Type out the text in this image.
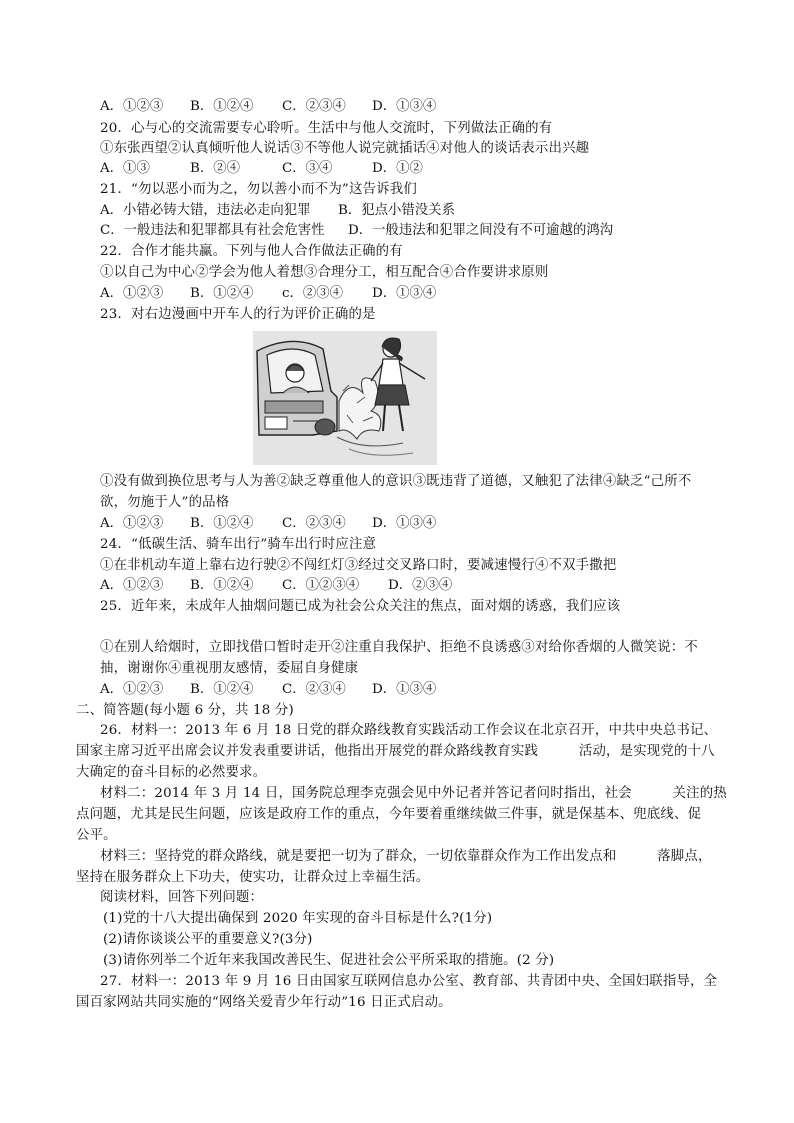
A．①②③ B．①②④ C．②③④ D．①③④
20．心与心的交流需要专心聆听。生活中与他人交流时，下列做法正确的有
①东张西望②认真倾听他人说话③不等他人说完就插话④对他人的谈话表示出兴趣
A．①③	B．②④	C．③④	D．①②
21．“勿以恶小而为之，勿以善小而不为”这告诉我们
A．小错必铸大错，违法必走向犯罪 B．犯点小错没关系
C．一般违法和犯罪都具有社会危害性 D．一般违法和犯罪之间没有不可逾越的鸿沟
22．合作才能共赢。下列与他人合作做法正确的有
①以自己为中心②学会为他人着想③合理分工，相互配合④合作要讲求原则
A．①②③ B．①②④ c．②③④ D．①③④
23．对右边漫画中开车人的行为评价正确的是
①没有做到换位思考与人为善②缺乏尊重他人的意识③既违背了道德，又触犯了法律④缺乏“己所不
欲，勿施于人”的品格
A．①②③ B．①②④ C．②③④ D．①③④
24．“低碳生活、骑车出行”骑车出行时应注意
①在非机动车道上靠右边行驶②不闯红灯③经过交叉路口时，要减速慢行④不双手撒把
A．①②③ B．①②④ C．①②③④ D．②③④
25．近年来，未成年人抽烟问题已成为社会公众关注的焦点，面对烟的诱惑，我们应该
①在别人给烟时，立即找借口暂时走开②注重自我保护、拒绝不良诱惑③对给你香烟的人微笑说：不
抽，谢谢你④重视朋友感情，委屈自身健康
A．①②③ B．①②④ C．②③④ D．①③④
二、简答题(每小题 6 分，共 18 分)
26．材料一：2013 年 6 月 18 日党的群众路线教育实践活动工作会议在北京召开，中共中央总书记、
国家主席习近平出席会议并发表重要讲话，他指出开展党的群众路线教育实践　　　活动，是实现党的十八
大确定的奋斗目标的必然要求。
材料二：2014 年 3 月 14 日，国务院总理李克强会见中外记者并答记者问时指出，社会　　　关注的热
点问题，尤其是民生问题，应该是政府工作的重点，今年要着重继续做三件事，就是保基本、兜底线、促
公平。
材料三：坚持党的群众路线，就是要把一切为了群众，一切依靠群众作为工作出发点和　　　落脚点，
坚持在服务群众上下功夫，使实功，让群众过上幸福生活。
阅读材料，回答下列问题：
(1)党的十八大提出确保到 2020 年实现的奋斗目标是什么?(1分)
(2)请你谈谈公平的重要意义?(3分)
(3)请你列举二个近年来我国改善民生、促进社会公平所采取的措施。(2 分)
27．材料一：2013 年 9 月 16 日由国家互联网信息办公室、教育部、共青团中央、全国妇联指导，全
国百家网站共同实施的“网络关爱青少年行动”16 日正式启动。
